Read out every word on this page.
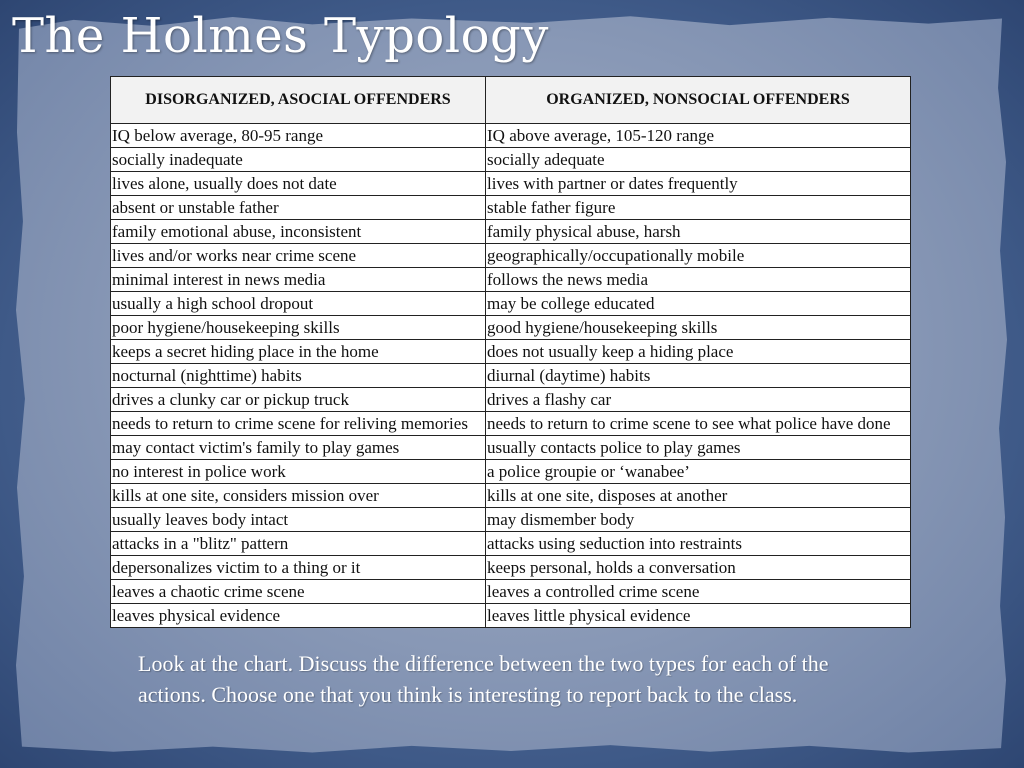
The Holmes Typology
DISORGANIZED, ASOCIAL OFFENDERS	ORGANIZED, NONSOCIAL OFFENDERS
IQ below average, 80-95 range	IQ above average, 105-120 range
socially inadequate	socially adequate
lives alone, usually does not date	lives with partner or dates frequently
absent or unstable father	stable father figure
family emotional abuse, inconsistent	family physical abuse, harsh
lives and/or works near crime scene	geographically/occupationally mobile
minimal interest in news media	follows the news media
usually a high school dropout	may be college educated
poor hygiene/housekeeping skills	good hygiene/housekeeping skills
keeps a secret hiding place in the home	does not usually keep a hiding place
nocturnal (nighttime) habits	diurnal (daytime) habits
drives a clunky car or pickup truck	drives a flashy car
needs to return to crime scene for reliving memories	needs to return to crime scene to see what police have done
may contact victim's family to play games	usually contacts police to play games
no interest in police work	a police groupie or ‘wanabee’
kills at one site, considers mission over	kills at one site, disposes at another
usually leaves body intact	may dismember body
attacks in a "blitz" pattern	attacks using seduction into restraints
depersonalizes victim to a thing or it	keeps personal, holds a conversation
leaves a chaotic crime scene	leaves a controlled crime scene
leaves physical evidence	leaves little physical evidence

Look at the chart. Discuss the difference between the two types for each of the actions. Choose one that you think is interesting to report back to the class.
